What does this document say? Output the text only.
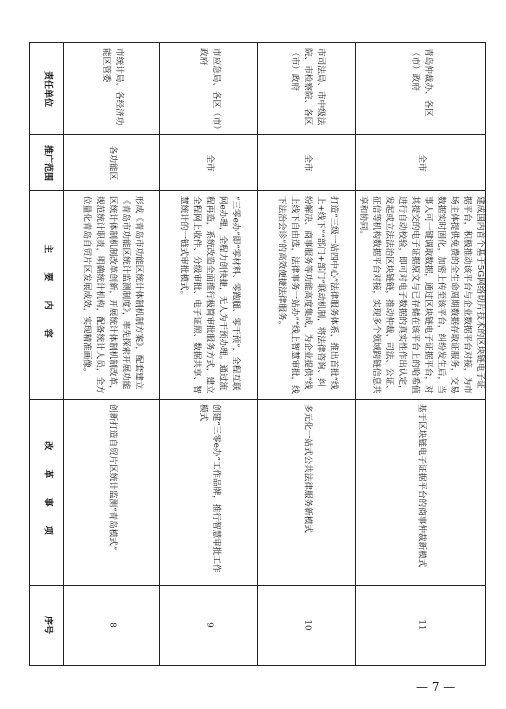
责任单位	市统计局、各经济功能区管委	市应急局、各区（市）政府	市司法局、市中级法院、市检察院、各区（市）政府	青岛仲裁办、各区（市）政府

推广范围	各功能区	全市	全市	全市

主 要 内 容	形成《青岛市功能区统计体制机制方案》，配套建立《青岛市功能区统计监测制度》，率先探索开展功能区统计体制机制改革创新，开展统计体制机制改革，规范统计职责，明确统计机构，配备统计人员，全方位量化青岛自贸片区发展成效，实现精准画像。	“三零e办”即“零材料、零跑腿、零干预”，全程互联网e办理，全程力创快捷，无人为干预办理。通过流程再造，系统改造全面推行极简审批服务方式，建立全程网上收件、分级审批、电子证照、数据共享、智慧统计的一链式审批模式。	打造“三级一站四中心”法律服务体系，推出首批“线上+线下”“部门+部门”联动机制，将法律咨询、纠纷解决、商事服务等功能高度集成，为企业提供“线上线下自由选，法律事务一站办”“线上智慧审批，线下法治会诊”的高效便捷法律服务。	建成国内首个基于5G网络切片技术的区块链电子证据平台，积极推动该平台与企业数据平台对接，为市场主体提供免费的全生命周期数据存取证服务，交易数据实时固化，加密上传至该平台，纠纷发生后，当事人可一键调取数据，通过区块链电子证据平台，对其提交的电子证据原文与已存储在该平台上的哈希值进行自动校验，即可对电子数据的真实性作出认定，发起或立法法治区块链链，推动仲裁、司法、公证、征信等机构数据平台对接，实现多个领域跨链信息共享和协同。

改 革 事 项	创新打造自贸片区统计监测“青岛模式”	创建“三零e办”工作品牌，推行智慧审批工作模式	多元化一站式公共法律服务新模式	基于区块链电子证据平台的商事仲裁新模式

序号	8	9	10	11
— 7 —
